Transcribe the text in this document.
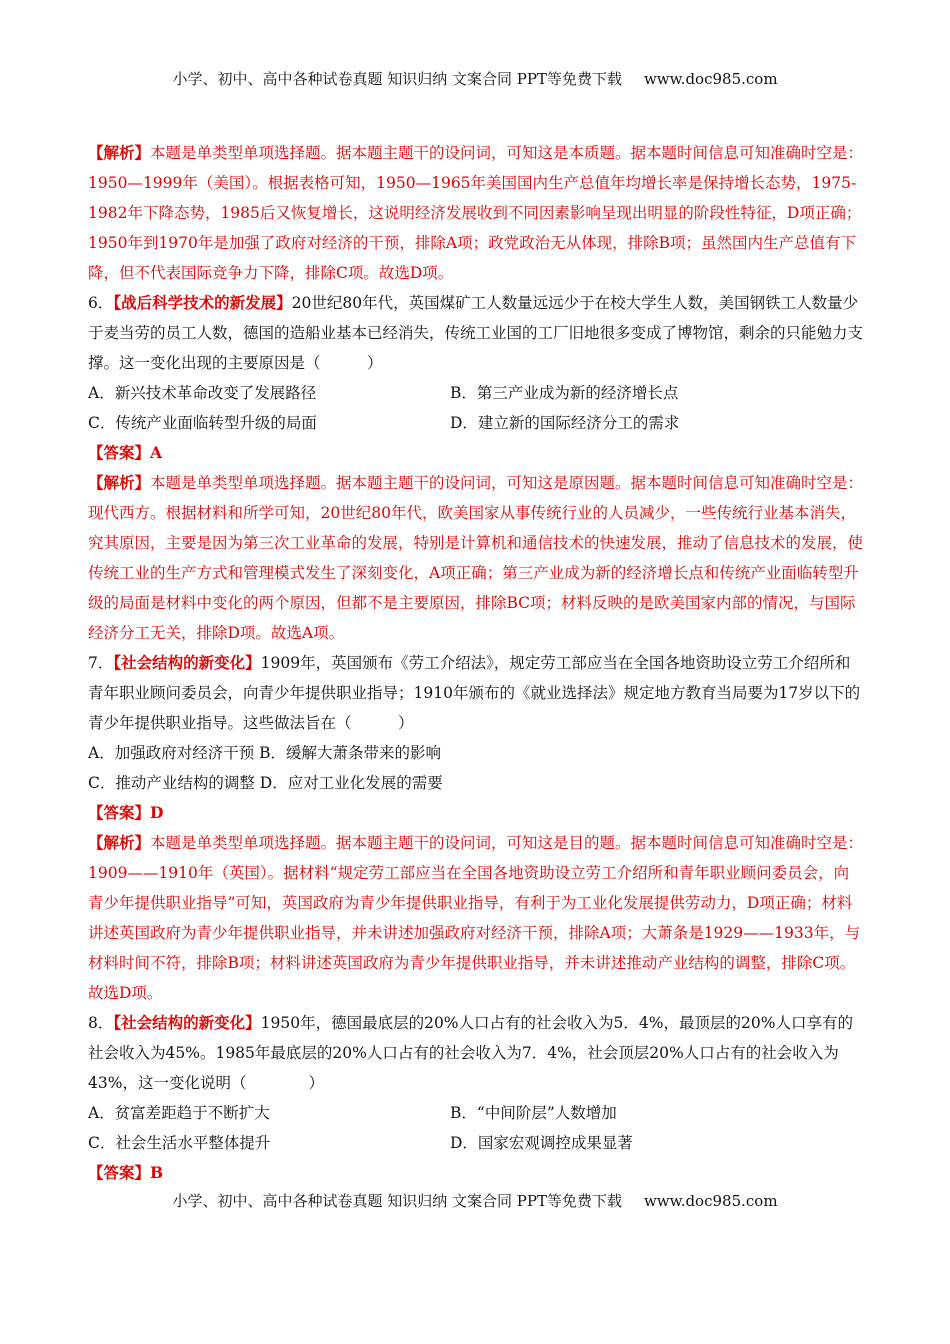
小学、初中、高中各种试卷真题 知识归纳 文案合同 PPT等免费下载 www.doc985.com

【解析】本题是单类型单项选择题。据本题主题干的设问词，可知这是本质题。据本题时间信息可知准确时空是：1950—1999年（美国）。根据表格可知，1950—1965年美国国内生产总值年均增长率是保持增长态势，1975-1982年下降态势，1985后又恢复增长，这说明经济发展收到不同因素影响呈现出明显的阶段性特征，D项正确；1950年到1970年是加强了政府对经济的干预，排除A项；政党政治无从体现，排除B项；虽然国内生产总值有下降，但不代表国际竞争力下降，排除C项。故选D项。

6．【战后科学技术的新发展】20世纪80年代，英国煤矿工人数量远远少于在校大学生人数，美国钢铁工人数量少于麦当劳的员工人数，德国的造船业基本已经消失，传统工业国的工厂旧地很多变成了博物馆，剩余的只能勉力支撑。这一变化出现的主要原因是（　　　）

A．新兴技术革命改变了发展路径	B．第三产业成为新的经济增长点
C．传统产业面临转型升级的局面	D．建立新的国际经济分工的需求

【答案】A

【解析】本题是单类型单项选择题。据本题主题干的设问词，可知这是原因题。据本题时间信息可知准确时空是：现代西方。根据材料和所学可知，20世纪80年代，欧美国家从事传统行业的人员减少，一些传统行业基本消失，究其原因，主要是因为第三次工业革命的发展，特别是计算机和通信技术的快速发展，推动了信息技术的发展，使传统工业的生产方式和管理模式发生了深刻变化，A项正确；第三产业成为新的经济增长点和传统产业面临转型升级的局面是材料中变化的两个原因，但都不是主要原因，排除BC项；材料反映的是欧美国家内部的情况，与国际经济分工无关，排除D项。故选A项。

7．【社会结构的新变化】1909年，英国颁布《劳工介绍法》，规定劳工部应当在全国各地资助设立劳工介绍所和青年职业顾问委员会，向青少年提供职业指导；1910年颁布的《就业选择法》规定地方教育当局要为17岁以下的青少年提供职业指导。这些做法旨在（　　　）

A．加强政府对经济干预 B．缓解大萧条带来的影响
C．推动产业结构的调整 D．应对工业化发展的需要

【答案】D

【解析】本题是单类型单项选择题。据本题主题干的设问词，可知这是目的题。据本题时间信息可知准确时空是：1909——1910年（英国）。据材料“规定劳工部应当在全国各地资助设立劳工介绍所和青年职业顾问委员会，向青少年提供职业指导”可知，英国政府为青少年提供职业指导，有利于为工业化发展提供劳动力，D项正确；材料讲述英国政府为青少年提供职业指导，并未讲述加强政府对经济干预，排除A项；大萧条是1929——1933年，与材料时间不符，排除B项；材料讲述英国政府为青少年提供职业指导，并未讲述推动产业结构的调整，排除C项。故选D项。

8．【社会结构的新变化】1950年，德国最底层的20%人口占有的社会收入为5．4%，最顶层的20%人口享有的社会收入为45%。1985年最底层的20%人口占有的社会收入为7．4%，社会顶层20%人口占有的社会收入为43%，这一变化说明（　　　　）

A．贫富差距趋于不断扩大	B．“中间阶层”人数增加
C．社会生活水平整体提升	D．国家宏观调控成果显著

【答案】B

小学、初中、高中各种试卷真题 知识归纳 文案合同 PPT等免费下载 www.doc985.com
